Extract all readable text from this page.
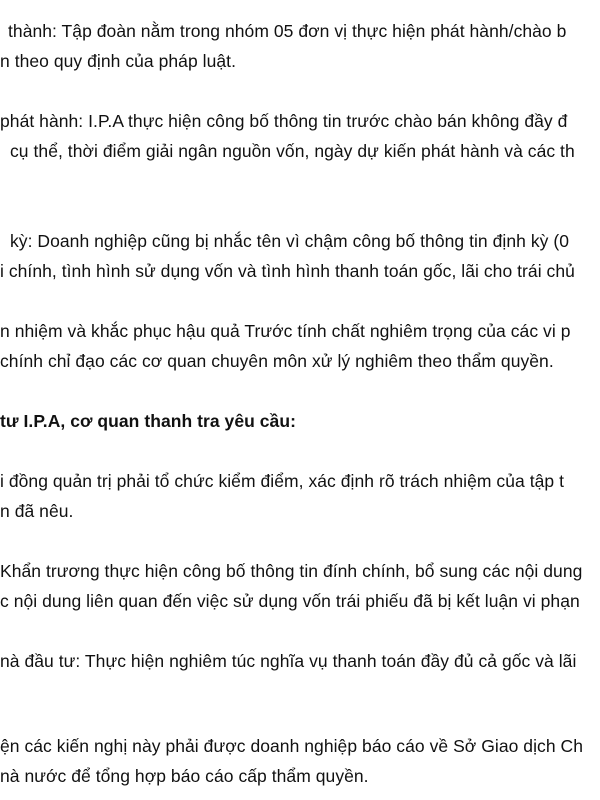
thành: Tập đoàn nằm trong nhóm 05 đơn vị thực hiện phát hành/chào b
n theo quy định của pháp luật.
phát hành: I.P.A thực hiện công bố thông tin trước chào bán không đầy đ
cụ thể, thời điểm giải ngân nguồn vốn, ngày dự kiến phát hành và các th
kỳ: Doanh nghiệp cũng bị nhắc tên vì chậm công bố thông tin định kỳ (0
i chính, tình hình sử dụng vốn và tình hình thanh toán gốc, lãi cho trái chủ
n nhiệm và khắc phục hậu quả Trước tính chất nghiêm trọng của các vi p
chính chỉ đạo các cơ quan chuyên môn xử lý nghiêm theo thẩm quyền.
tư I.P.A, cơ quan thanh tra yêu cầu:
i đồng quản trị phải tổ chức kiểm điểm, xác định rõ trách nhiệm của tập t
n đã nêu.
Khẩn trương thực hiện công bố thông tin đính chính, bổ sung các nội dung
c nội dung liên quan đến việc sử dụng vốn trái phiếu đã bị kết luận vi phạn
nà đầu tư: Thực hiện nghiêm túc nghĩa vụ thanh toán đầy đủ cả gốc và lãi
ện các kiến nghị này phải được doanh nghiệp báo cáo về Sở Giao dịch Ch
nà nước để tổng hợp báo cáo cấp thẩm quyền.
